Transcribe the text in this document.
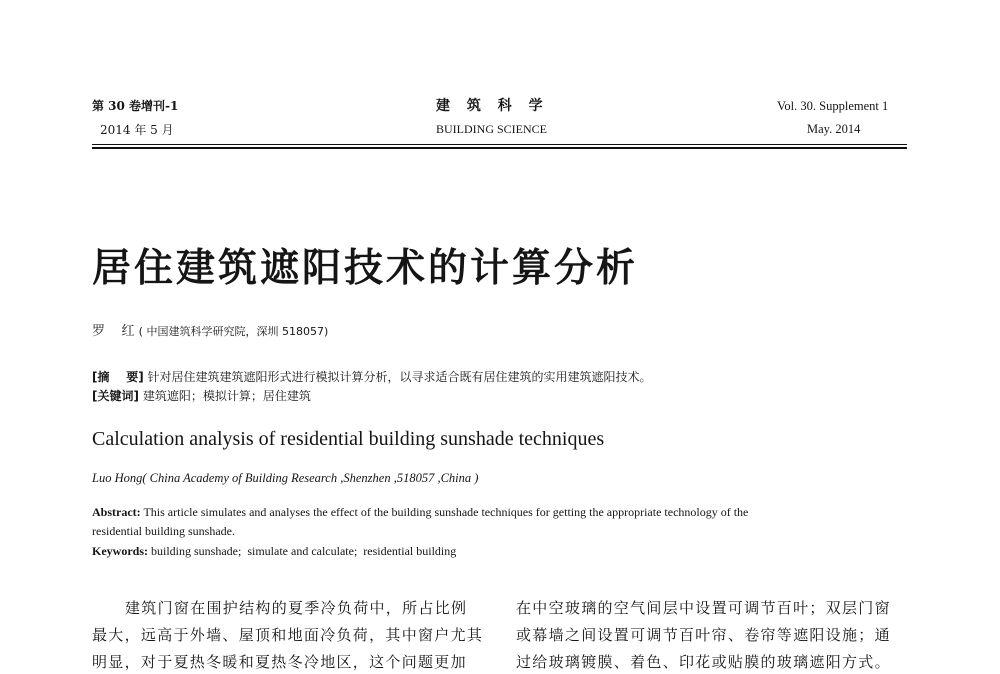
第 30 卷增刊-1
2014 年 5 月
建 筑 科 学
BUILDING SCIENCE
Vol. 30. Supplement 1
May. 2014
居住建筑遮阳技术的计算分析
罗    红 ( 中国建筑科学研究院，深圳 518057)
[摘    要] 针对居住建筑建筑遮阳形式进行模拟计算分析，以寻求适合既有居住建筑的实用建筑遮阳技术。
[关键词] 建筑遮阳；模拟计算；居住建筑
Calculation analysis of residential building sunshade techniques
Luo Hong( China Academy of Building Research ,Shenzhen ,518057 ,China )
Abstract: This article simulates and analyses the effect of the building sunshade techniques for getting the appropriate technology of the
residential building sunshade.
Keywords: building sunshade;  simulate and calculate;  residential building
建筑门窗在围护结构的夏季冷负荷中，所占比例
最大，远高于外墙、屋顶和地面冷负荷，其中窗户尤其
明显，对于夏热冬暖和夏热冬冷地区，这个问题更加
在中空玻璃的空气间层中设置可调节百叶；双层门窗
或幕墙之间设置可调节百叶帘、卷帘等遮阳设施；通
过给玻璃镀膜、着色、印花或贴膜的玻璃遮阳方式。
